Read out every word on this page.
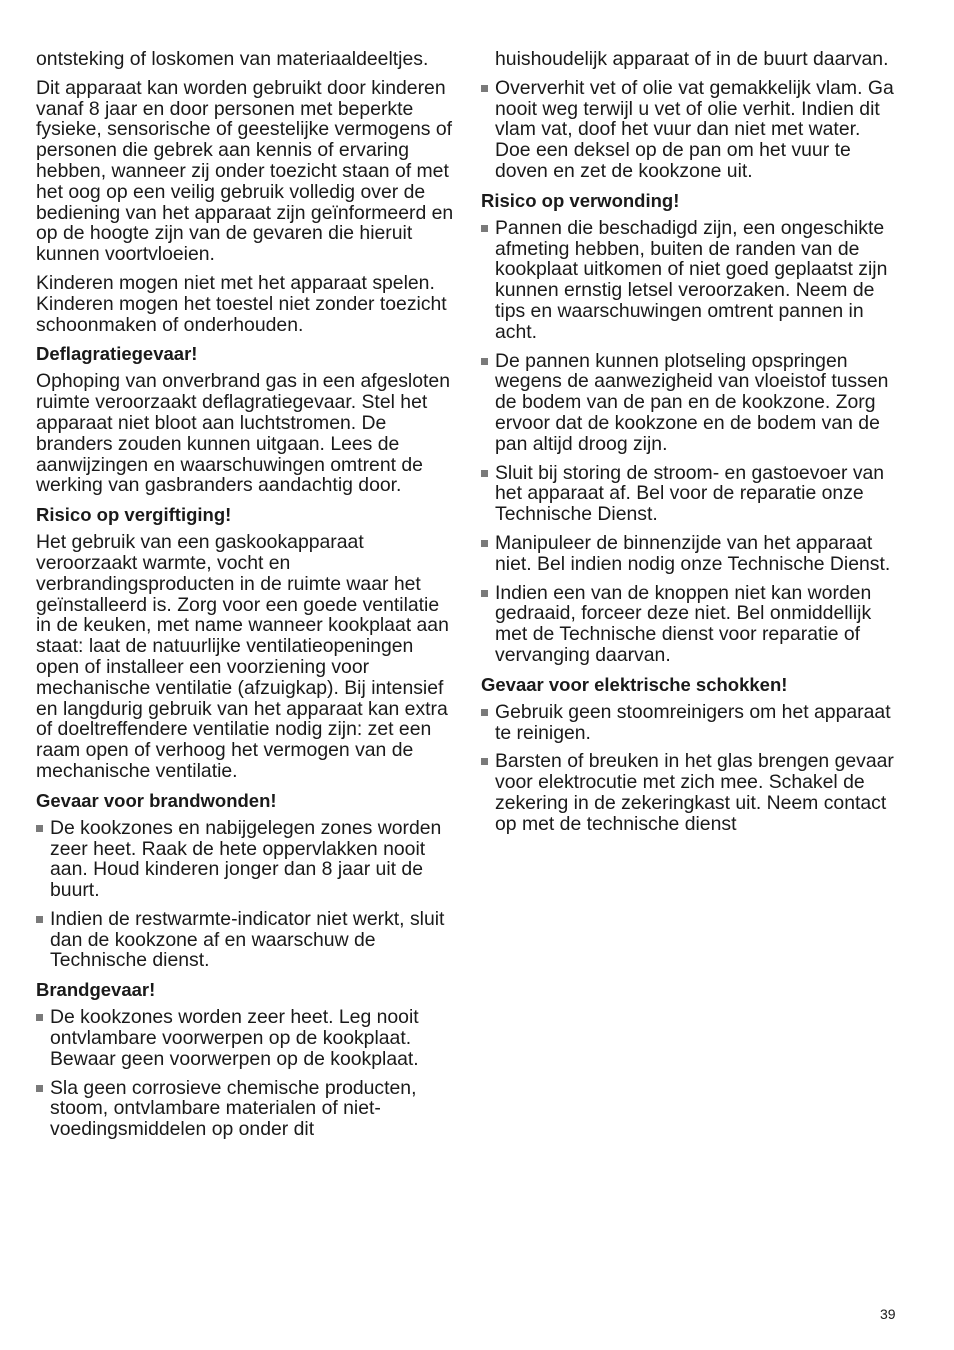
ontsteking of loskomen van materiaaldeeltjes.

Dit apparaat kan worden gebruikt door kinderen vanaf 8 jaar en door personen met beperkte fysieke, sensorische of geestelijke vermogens of personen die gebrek aan kennis of ervaring hebben, wanneer zij onder toezicht staan of met het oog op een veilig gebruik volledig over de bediening van het apparaat zijn geïnformeerd en op de hoogte zijn van de gevaren die hieruit kunnen voortvloeien.

Kinderen mogen niet met het apparaat spelen. Kinderen mogen het toestel niet zonder toezicht schoonmaken of onderhouden.

Deflagratiegevaar!

Ophoping van onverbrand gas in een afgesloten ruimte veroorzaakt deflagratiegevaar. Stel het apparaat niet bloot aan luchtstromen. De branders zouden kunnen uitgaan. Lees de aanwijzingen en waarschuwingen omtrent de werking van gasbranders aandachtig door.

Risico op vergiftiging!

Het gebruik van een gaskookapparaat veroorzaakt warmte, vocht en verbrandingsproducten in de ruimte waar het geïnstalleerd is. Zorg voor een goede ventilatie in de keuken, met name wanneer kookplaat aan staat: laat de natuurlijke ventilatieopeningen open of installeer een voorziening voor mechanische ventilatie (afzuigkap). Bij intensief en langdurig gebruik van het apparaat kan extra of doeltreffendere ventilatie nodig zijn: zet een raam open of verhoog het vermogen van de mechanische ventilatie.

Gevaar voor brandwonden!
De kookzones en nabijgelegen zones worden zeer heet. Raak de hete oppervlakken nooit aan. Houd kinderen jonger dan 8 jaar uit de buurt.
Indien de restwarmte-indicator niet werkt, sluit dan de kookzone af en waarschuw de Technische dienst.
Brandgevaar!
De kookzones worden zeer heet. Leg nooit ontvlambare voorwerpen op de kookplaat. Bewaar geen voorwerpen op de kookplaat.
Sla geen corrosieve chemische producten, stoom, ontvlambare materialen of niet-voedingsmiddelen op onder dit
huishoudelijk apparaat of in de buurt daarvan.
Oververhit vet of olie vat gemakkelijk vlam. Ga nooit weg terwijl u vet of olie verhit. Indien dit vlam vat, doof het vuur dan niet met water. Doe een deksel op de pan om het vuur te doven en zet de kookzone uit.
Risico op verwonding!
Pannen die beschadigd zijn, een ongeschikte afmeting hebben, buiten de randen van de kookplaat uitkomen of niet goed geplaatst zijn kunnen ernstig letsel veroorzaken. Neem de tips en waarschuwingen omtrent pannen in acht.
De pannen kunnen plotseling opspringen wegens de aanwezigheid van vloeistof tussen de bodem van de pan en de kookzone. Zorg ervoor dat de kookzone en de bodem van de pan altijd droog zijn.
Sluit bij storing de stroom- en gastoevoer van het apparaat af. Bel voor de reparatie onze Technische Dienst.
Manipuleer de binnenzijde van het apparaat niet. Bel indien nodig onze Technische Dienst.
Indien een van de knoppen niet kan worden gedraaid, forceer deze niet. Bel onmiddellijk met de Technische dienst voor reparatie of vervanging daarvan.
Gevaar voor elektrische schokken!
Gebruik geen stoomreinigers om het apparaat te reinigen.
Barsten of breuken in het glas brengen gevaar voor elektrocutie met zich mee. Schakel de zekering in de zekeringkast uit. Neem contact op met de technische dienst
39
